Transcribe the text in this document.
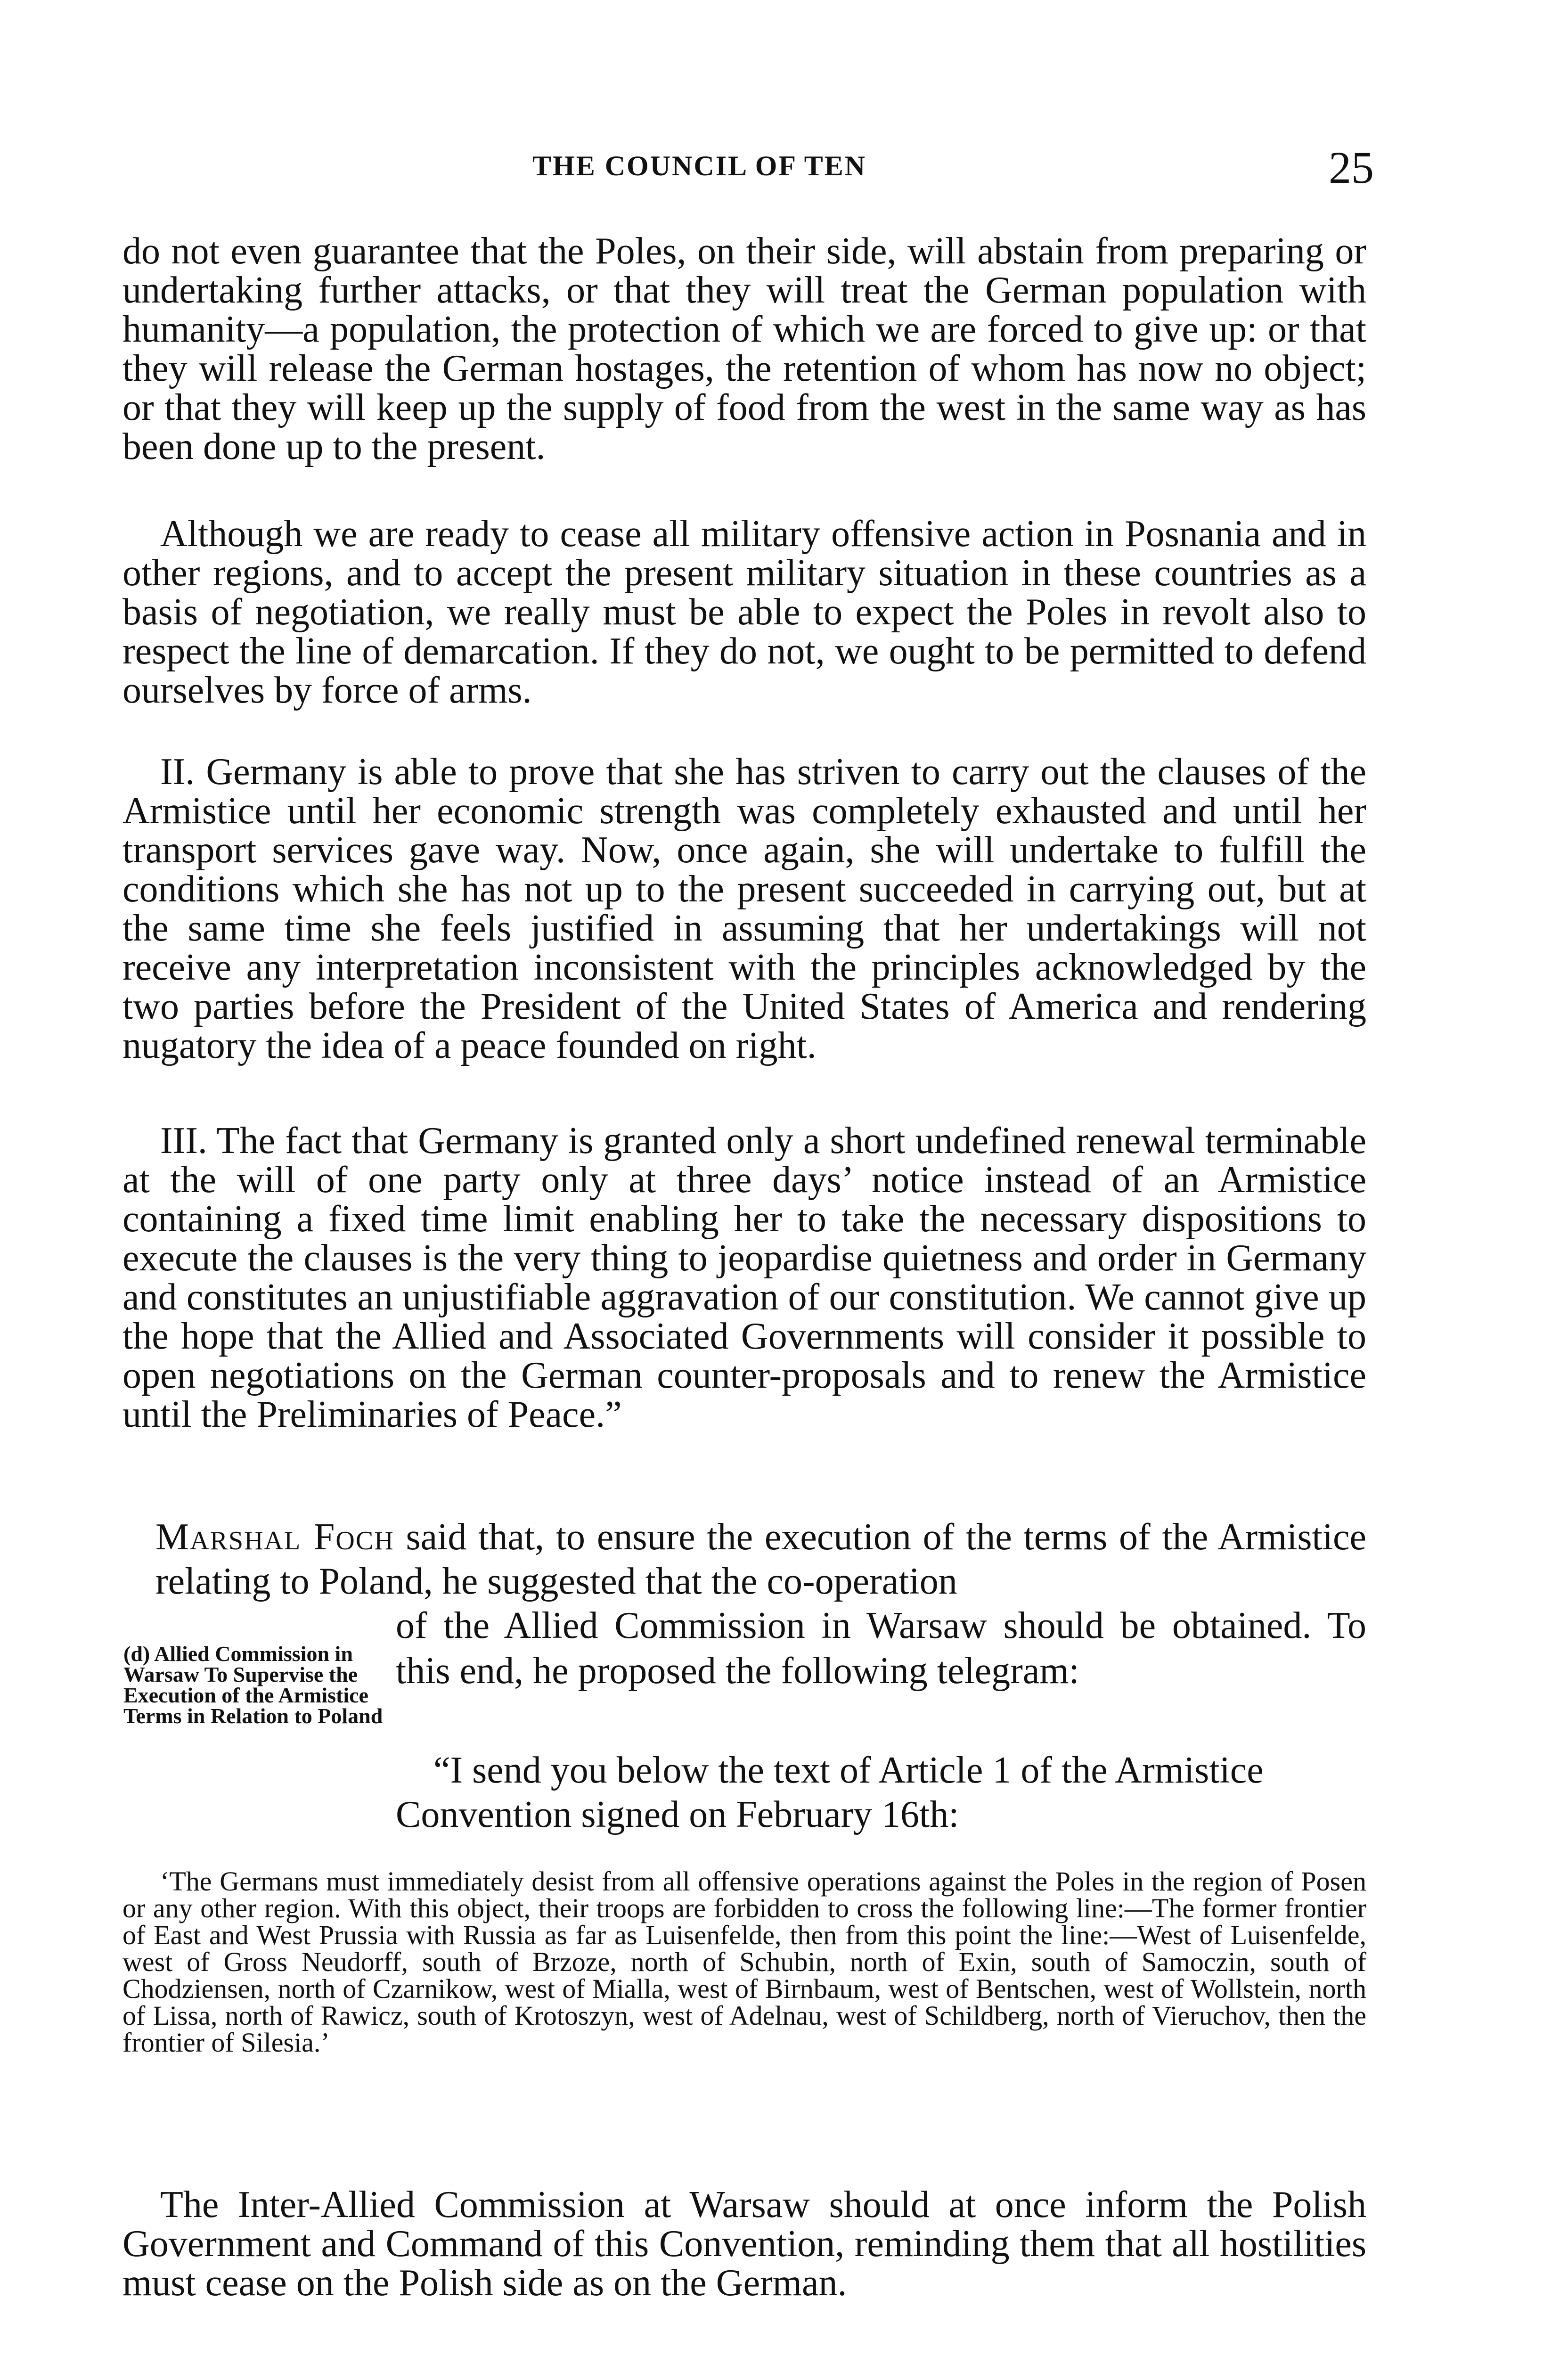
THE COUNCIL OF TEN	25

do not even guarantee that the Poles, on their side, will abstain from preparing or undertaking further attacks, or that they will treat the German population with humanity—a population, the protection of which we are forced to give up: or that they will release the German hostages, the retention of whom has now no object; or that they will keep up the supply of food from the west in the same way as has been done up to the present.

Although we are ready to cease all military offensive action in Posnania and in other regions, and to accept the present military situation in these countries as a basis of negotiation, we really must be able to expect the Poles in revolt also to respect the line of demarcation. If they do not, we ought to be permitted to defend ourselves by force of arms.

II. Germany is able to prove that she has striven to carry out the clauses of the Armistice until her economic strength was completely exhausted and until her transport services gave way. Now, once again, she will undertake to fulfill the conditions which she has not up to the present succeeded in carrying out, but at the same time she feels justified in assuming that her undertakings will not receive any interpretation inconsistent with the principles acknowledged by the two parties before the President of the United States of America and rendering nugatory the idea of a peace founded on right.

III. The fact that Germany is granted only a short undefined renewal terminable at the will of one party only at three days’ notice instead of an Armistice containing a fixed time limit enabling her to take the necessary dispositions to execute the clauses is the very thing to jeopardise quietness and order in Germany and constitutes an unjustifiable aggravation of our constitution. We cannot give up the hope that the Allied and Associated Governments will consider it possible to open negotiations on the German counter-proposals and to renew the Armistice until the Preliminaries of Peace.”

Marshal Foch said that, to ensure the execution of the terms of the Armistice relating to Poland, he suggested that the co-operation

of the Allied Commission in Warsaw should be obtained. To this end, he proposed the following telegram:

(d) Allied Commission in Warsaw To Supervise the Execution of the Armistice Terms in Relation to Poland

“I send you below the text of Article 1 of the Armistice Convention signed on February 16th:

‘The Germans must immediately desist from all offensive operations against the Poles in the region of Posen or any other region. With this object, their troops are forbidden to cross the following line:—The former frontier of East and West Prussia with Russia as far as Luisenfelde, then from this point the line:—West of Luisenfelde, west of Gross Neudorff, south of Brzoze, north of Schubin, north of Exin, south of Samoczin, south of Chodziensen, north of Czarnikow, west of Mialla, west of Birnbaum, west of Bentschen, west of Wollstein, north of Lissa, north of Rawicz, south of Krotoszyn, west of Adelnau, west of Schildberg, north of Vieruchov, then the frontier of Silesia.’

The Inter-Allied Commission at Warsaw should at once inform the Polish Government and Command of this Convention, reminding them that all hostilities must cease on the Polish side as on the German.
